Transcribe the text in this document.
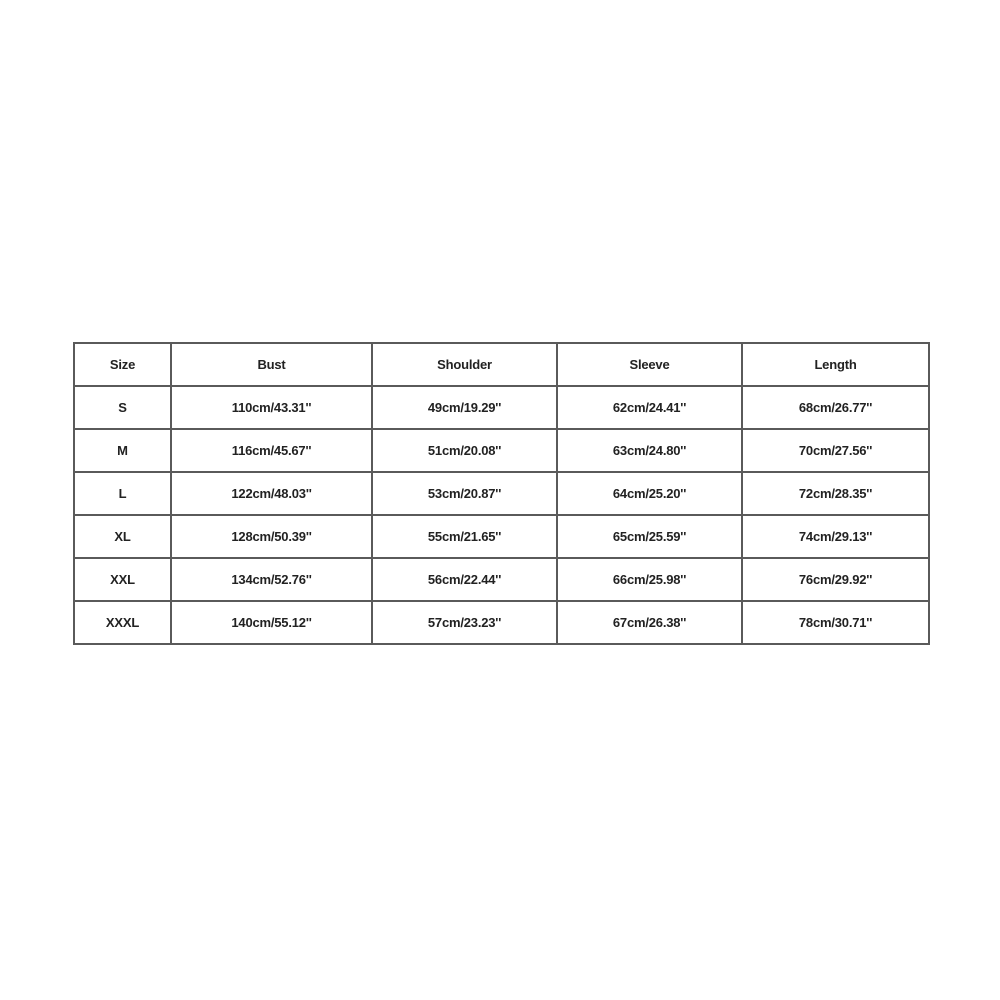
Size	Bust	Shoulder	Sleeve	Length
S	110cm/43.31''	49cm/19.29''	62cm/24.41''	68cm/26.77''
M	116cm/45.67''	51cm/20.08''	63cm/24.80''	70cm/27.56''
L	122cm/48.03''	53cm/20.87''	64cm/25.20''	72cm/28.35''
XL	128cm/50.39''	55cm/21.65''	65cm/25.59''	74cm/29.13''
XXL	134cm/52.76''	56cm/22.44''	66cm/25.98''	76cm/29.92''
XXXL	140cm/55.12''	57cm/23.23''	67cm/26.38''	78cm/30.71''
